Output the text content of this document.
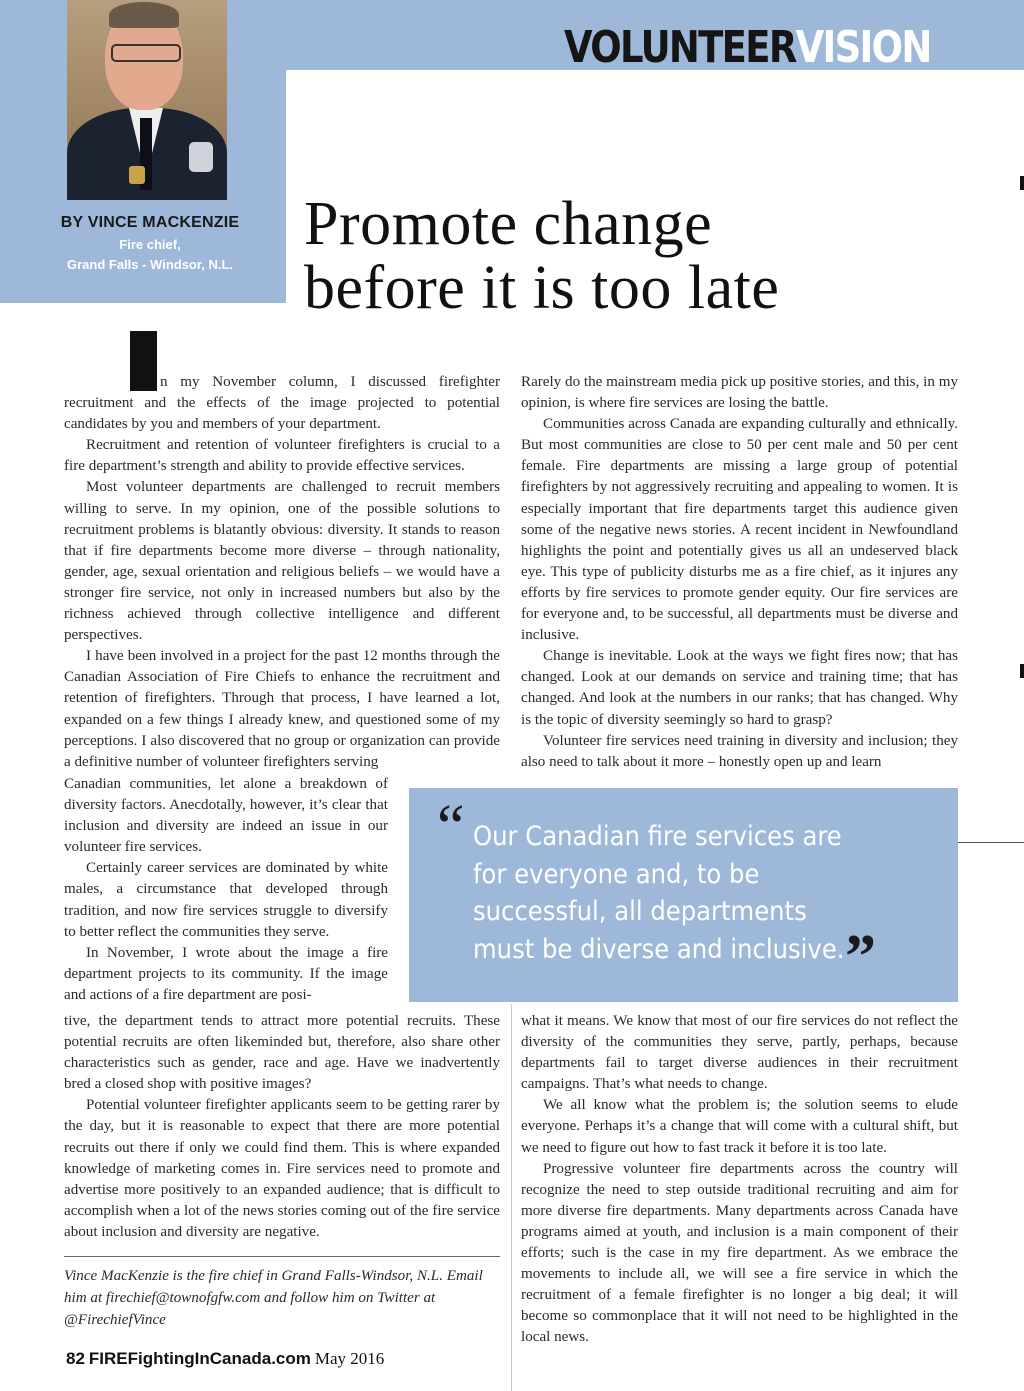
VOLUNTEERVISION
BY VINCE MACKENZIE
Fire chief,
Grand Falls - Windsor, N.L.
Promote change
before it is too late

n my November column, I discussed firefighter recruitment and the effects of the image projected to potential candidates by you and members of your department.

Recruitment and retention of volunteer firefighters is crucial to a fire department’s strength and ability to provide effective services.

Most volunteer departments are challenged to recruit members willing to serve. In my opinion, one of the possible solutions to recruitment problems is blatantly obvious: diversity. It stands to reason that if fire departments become more diverse – through nationality, gender, age, sexual orientation and religious beliefs – we would have a stronger fire service, not only in increased numbers but also by the richness achieved through collective intelligence and different perspectives.

I have been involved in a project for the past 12 months through the Canadian Association of Fire Chiefs to enhance the recruitment and retention of firefighters. Through that process, I have learned a lot, expanded on a few things I already knew, and questioned some of my perceptions. I also discovered that no group or organization can provide a definitive number of volunteer firefighters serving

Canadian communities, let alone a breakdown of diversity factors. Anecdotally, however, it’s clear that inclusion and diversity are indeed an issue in our volunteer fire services.

Certainly career services are dominated by white males, a circumstance that developed through tradition, and now fire services struggle to diversify to better reflect the communities they serve.

In November, I wrote about the image a fire department projects to its community. If the image and actions of a fire department are posi-

tive, the department tends to attract more potential recruits. These potential recruits are often likeminded but, therefore, also share other characteristics such as gender, race and age. Have we inadvertently bred a closed shop with positive images?

Potential volunteer firefighter applicants seem to be getting rarer by the day, but it is reasonable to expect that there are more potential recruits out there if only we could find them. This is where expanded knowledge of marketing comes in. Fire services need to promote and advertise more positively to an expanded audience; that is difficult to accomplish when a lot of the news stories coming out of the fire service about inclusion and diversity are negative.

Rarely do the mainstream media pick up positive stories, and this, in my opinion, is where fire services are losing the battle.

Communities across Canada are expanding culturally and ethnically. But most communities are close to 50 per cent male and 50 per cent female. Fire departments are missing a large group of potential firefighters by not aggressively recruiting and appealing to women. It is especially important that fire departments target this audience given some of the negative news stories. A recent incident in Newfoundland highlights the point and potentially gives us all an undeserved black eye. This type of publicity disturbs me as a fire chief, as it injures any efforts by fire services to promote gender equity. Our fire services are for everyone and, to be successful, all departments must be diverse and inclusive.

Change is inevitable. Look at the ways we fight fires now; that has changed. Look at our demands on service and training time; that has changed. And look at the numbers in our ranks; that has changed. Why is the topic of diversity seemingly so hard to grasp?

Volunteer fire services need training in diversity and inclusion; they also need to talk about it more – honestly open up and learn

“ Our Canadian fire services are
for everyone and, to be
successful, all departments
must be diverse and inclusive. ”

what it means. We know that most of our fire services do not reflect the diversity of the communities they serve, partly, perhaps, because departments fail to target diverse audiences in their recruitment campaigns. That’s what needs to change.

We all know what the problem is; the solution seems to elude everyone. Perhaps it’s a change that will come with a cultural shift, but we need to figure out how to fast track it before it is too late.

Progressive volunteer fire departments across the country will recognize the need to step outside traditional recruiting and aim for more diverse fire departments. Many departments across Canada have programs aimed at youth, and inclusion is a main component of their efforts; such is the case in my fire department. As we embrace the movements to include all, we will see a fire service in which the recruitment of a female firefighter is no longer a big deal; it will become so commonplace that it will not need to be highlighted in the local news.

Vince MacKenzie is the fire chief in Grand Falls-Windsor, N.L. Email him at firechief@townofgfw.com and follow him on Twitter at @FirechiefVince

82 FIREFightingInCanada.com May 2016
